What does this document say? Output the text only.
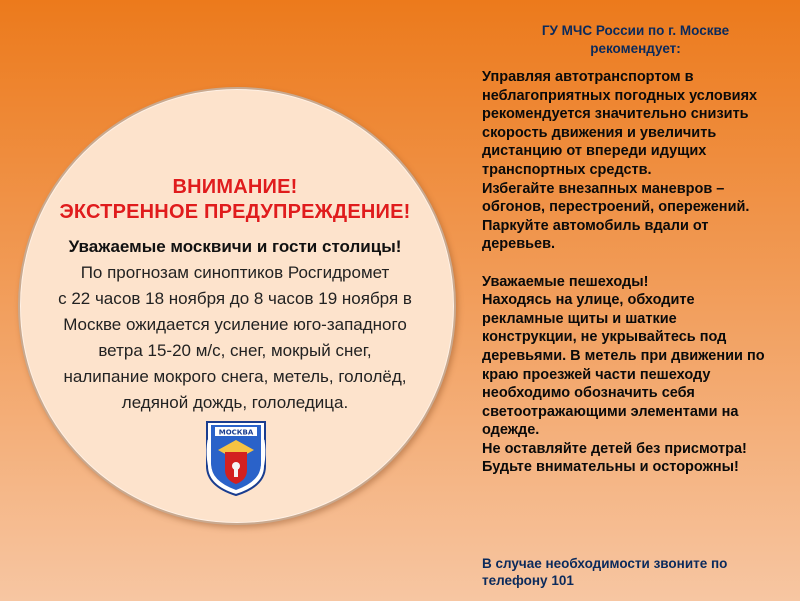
ВНИМАНИЕ!
ЭКСТРЕННОЕ ПРЕДУПРЕЖДЕНИЕ!

Уважаемые москвичи и гости столицы!

По прогнозам синоптиков Росгидромет

с 22 часов 18 ноября до 8 часов 19 ноября в

Москве ожидается усиление юго-западного

ветра 15-20 м/с, снег, мокрый снег,

налипание мокрого снега, метель, гололёд,

ледяной дождь, гололедица.

МОСКВА

ГУ МЧС России по г. Москве
рекомендует:

Управляя автотранспортом в

неблагоприятных погодных условиях

рекомендуется значительно снизить

скорость движения и увеличить

дистанцию от впереди идущих

транспортных средств.

Избегайте внезапных маневров –

обгонов, перестроений, опережений.

Паркуйте автомобиль вдали от

деревьев.

Уважаемые пешеходы!

Находясь на улице, обходите

рекламные щиты и шаткие

конструкции, не укрывайтесь под

деревьями. В метель при движении по

краю проезжей части пешеходу

необходимо обозначить себя

светоотражающими элементами на

одежде.

Не оставляйте детей без присмотра!

Будьте внимательны и осторожны!

В случае необходимости звоните по
телефону 101
